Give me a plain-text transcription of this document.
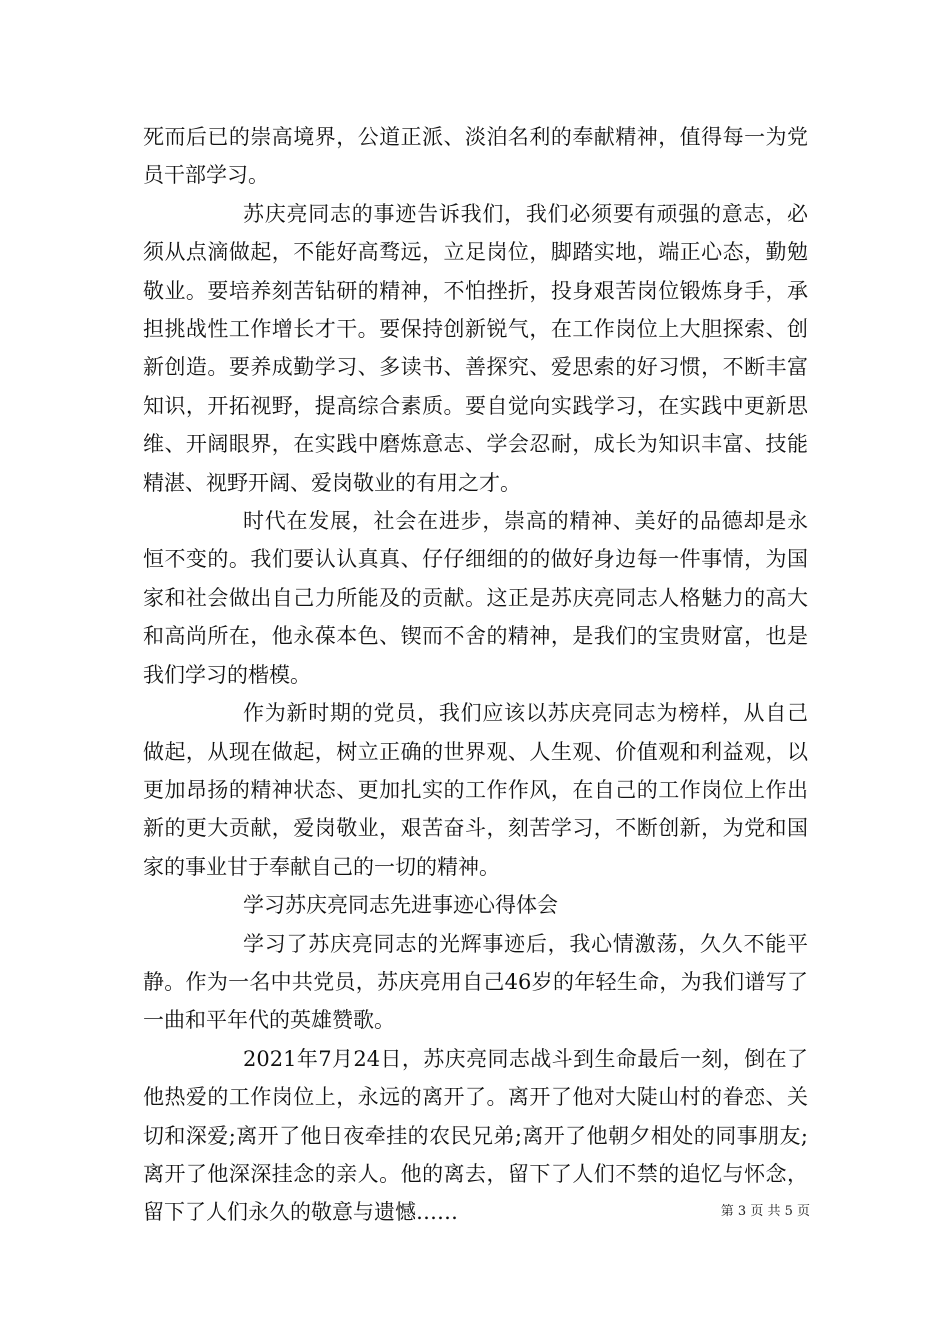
死而后已的崇高境界，公道正派、淡泊名利的奉献精神，值得每一为党员干部学习。

苏庆亮同志的事迹告诉我们，我们必须要有顽强的意志，必须从点滴做起，不能好高骛远，立足岗位，脚踏实地，端正心态，勤勉敬业。要培养刻苦钻研的精神，不怕挫折，投身艰苦岗位锻炼身手，承担挑战性工作增长才干。要保持创新锐气，在工作岗位上大胆探索、创新创造。要养成勤学习、多读书、善探究、爱思索的好习惯，不断丰富知识，开拓视野，提高综合素质。要自觉向实践学习，在实践中更新思维、开阔眼界，在实践中磨炼意志、学会忍耐，成长为知识丰富、技能精湛、视野开阔、爱岗敬业的有用之才。

时代在发展，社会在进步，崇高的精神、美好的品德却是永恒不变的。我们要认认真真、仔仔细细的的做好身边每一件事情，为国家和社会做出自己力所能及的贡献。这正是苏庆亮同志人格魅力的高大和高尚所在，他永葆本色、锲而不舍的精神，是我们的宝贵财富，也是我们学习的楷模。

作为新时期的党员，我们应该以苏庆亮同志为榜样，从自己做起，从现在做起，树立正确的世界观、人生观、价值观和利益观，以更加昂扬的精神状态、更加扎实的工作作风，在自己的工作岗位上作出新的更大贡献，爱岗敬业，艰苦奋斗，刻苦学习，不断创新，为党和国家的事业甘于奉献自己的一切的精神。

学习苏庆亮同志先进事迹心得体会

学习了苏庆亮同志的光辉事迹后，我心情激荡，久久不能平静。作为一名中共党员，苏庆亮用自己46岁的年轻生命，为我们谱写了一曲和平年代的英雄赞歌。

2021年7月24日，苏庆亮同志战斗到生命最后一刻，倒在了他热爱的工作岗位上，永远的离开了。离开了他对大陡山村的眷恋、关切和深爱;离开了他日夜牵挂的农民兄弟;离开了他朝夕相处的同事朋友;离开了他深深挂念的亲人。他的离去，留下了人们不禁的追忆与怀念，留下了人们永久的敬意与遗憾……	第 3 页 共 5 页
